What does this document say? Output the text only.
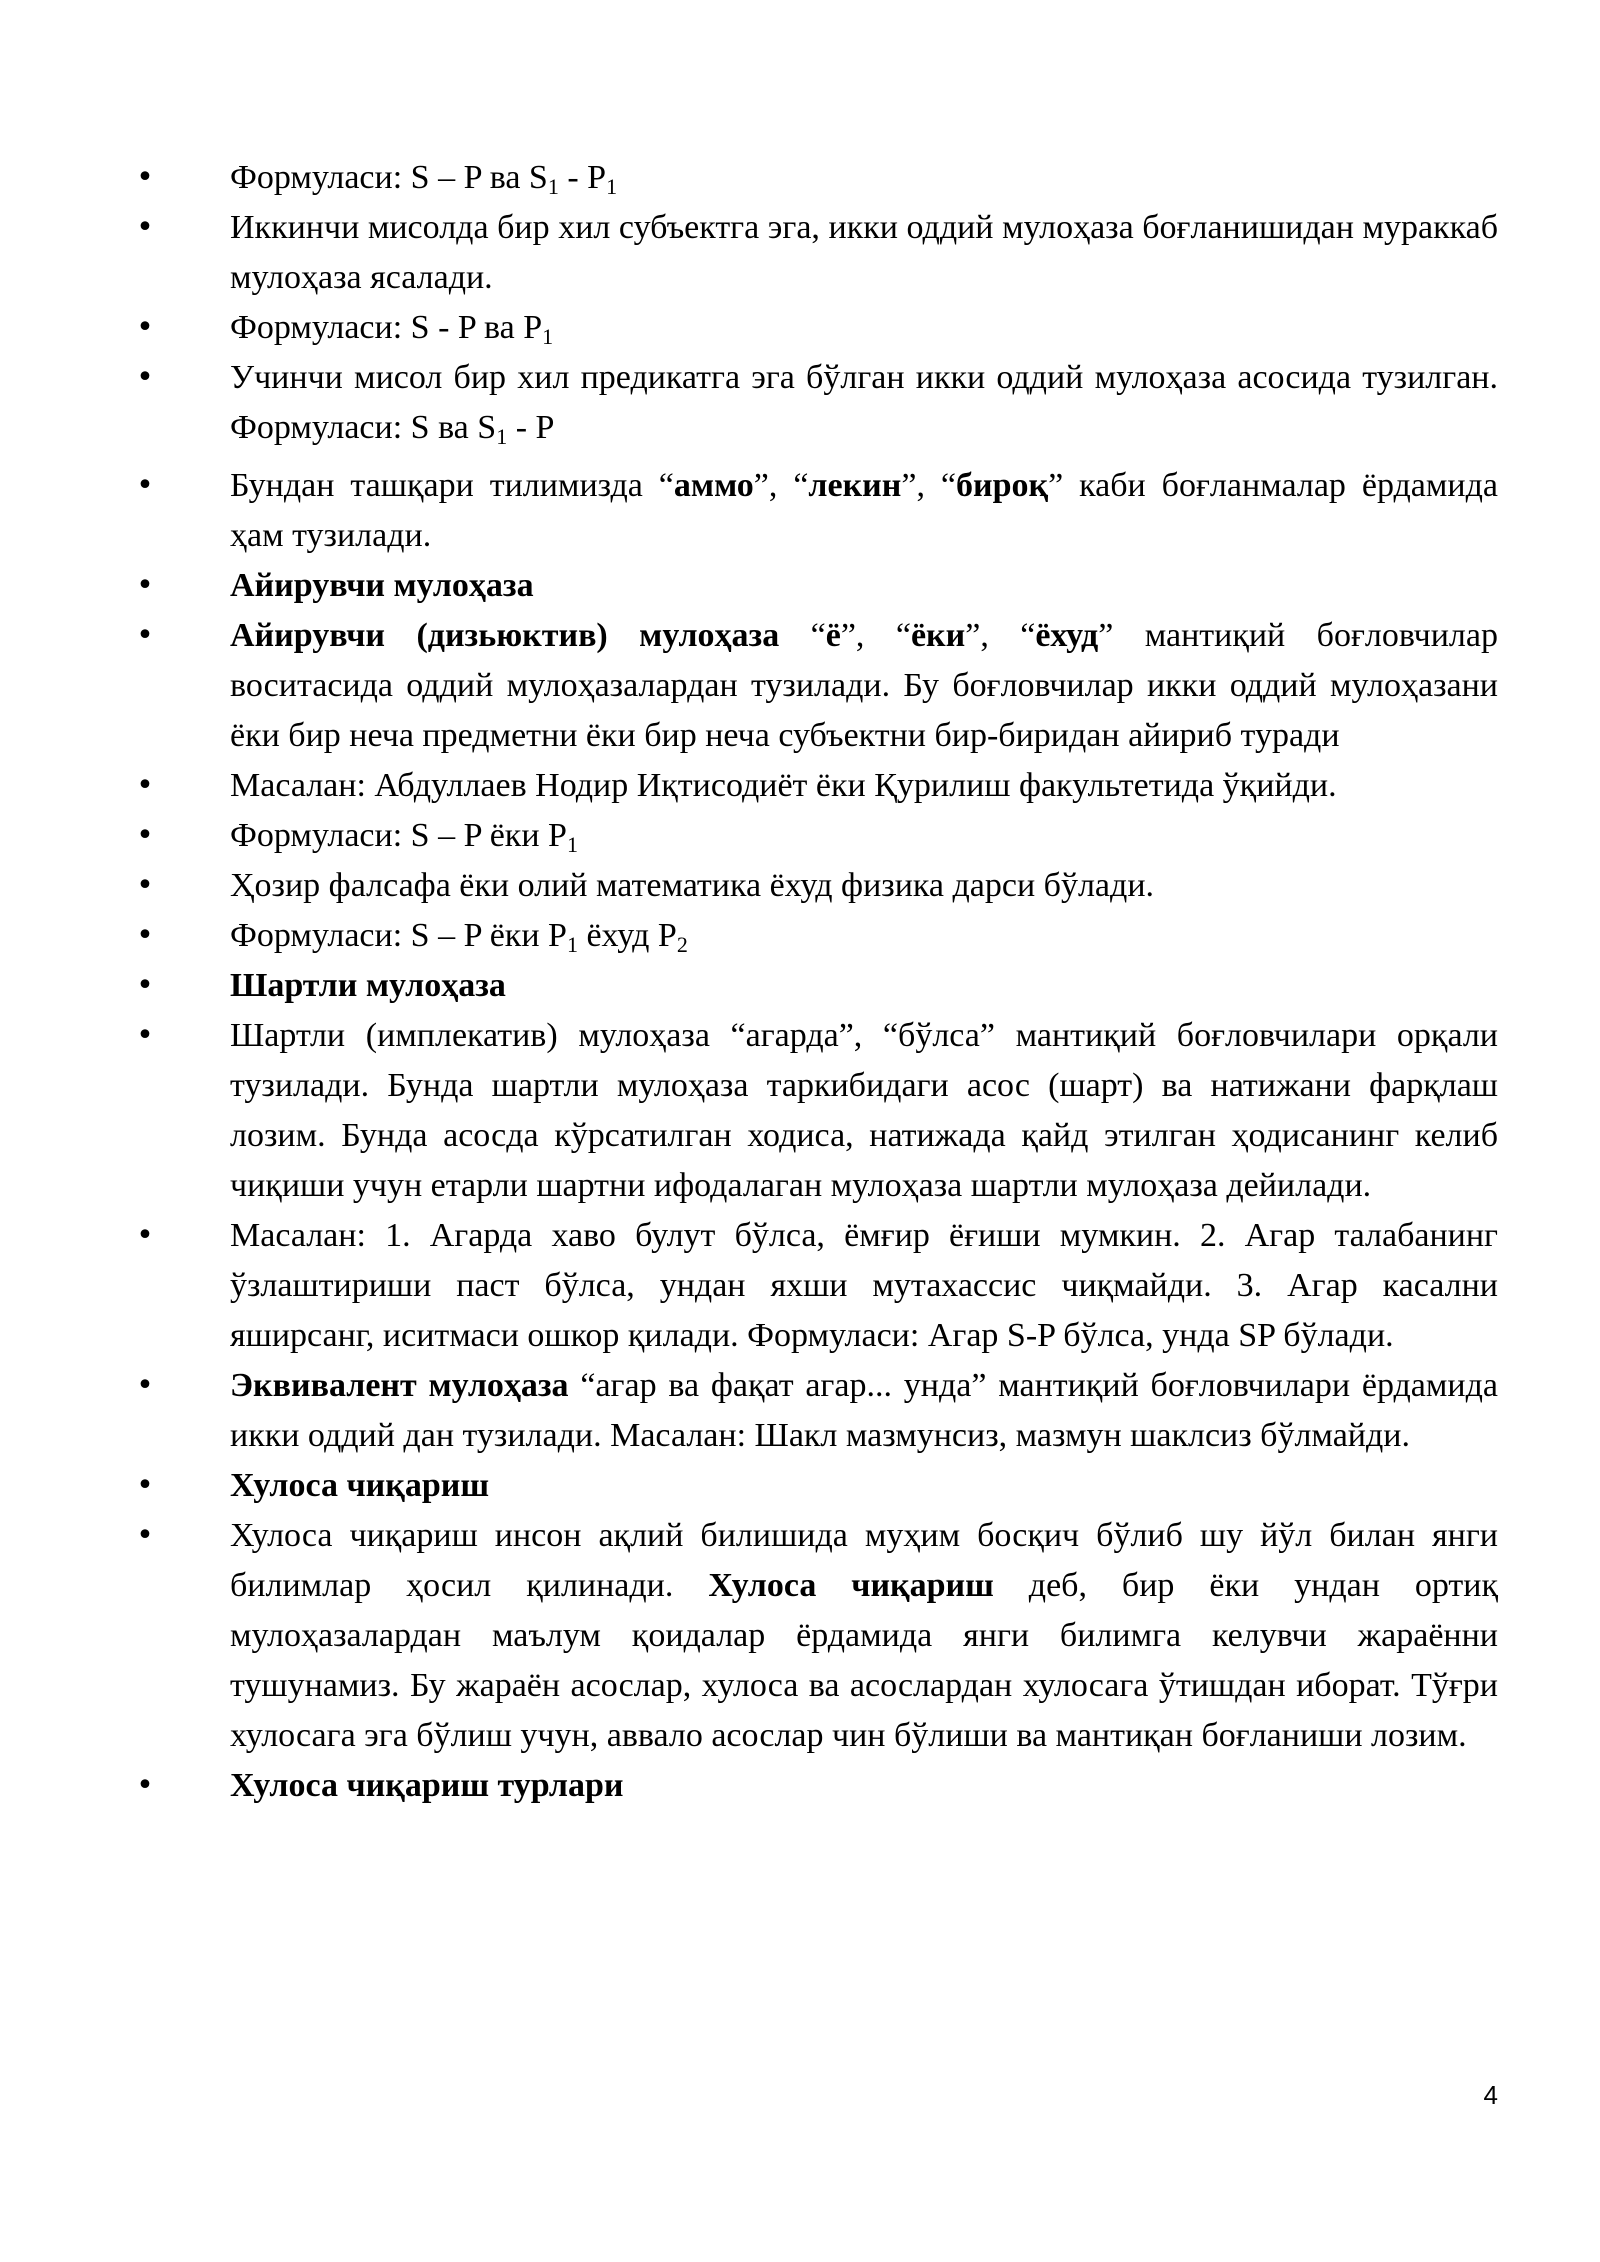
• Формуласи: S – P ва $S_1 - P_1$
• Иккинчи мисолда бир хил субъектга эга, икки оддий мулоҳаза боғланишидан мураккаб мулоҳаза ясалади.
• Формуласи: S - P ва $P_1$
• Учинчи мисол бир хил предикатга эга бўлган икки оддий мулоҳаза асосида тузилган. Формуласи: S ва $S_1$ - P
• Бундан ташқари тилимизда “аммо”, “лекин”, “бироқ” каби боғланмалар ёрдамида ҳам тузилади.
• Айирувчи мулоҳаза
• Айирувчи (дизьюктив) мулоҳаза “ё”, “ёки”, “ёхуд” мантиқий боғловчилар воситасида оддий мулоҳазалардан тузилади. Бу боғловчилар икки оддий мулоҳазани ёки бир неча предметни ёки бир неча субъектни бир-биридан айириб туради
• Масалан: Абдуллаев Нодир Иқтисодиёт ёки Қурилиш факультетида ўқийди.
• Формуласи: S – P ёки $P_1$
• Ҳозир фалсафа ёки олий математика ёхуд физика дарси бўлади.
• Формуласи: S – P ёки $P_1$ ёхуд $P_2$
• Шартли мулоҳаза
• Шартли (имплекатив) мулоҳаза “агарда”, “бўлса” мантиқий боғловчилари орқали тузилади. Бунда шартли мулоҳаза таркибидаги асос (шарт) ва натижани фарқлаш лозим. Бунда асосда кўрсатилган ходиса, натижада қайд этилган ҳодисанинг келиб чиқиши учун етарли шартни ифодалаган мулоҳаза шартли мулоҳаза дейилади.
• Масалан: 1. Агарда хаво булут бўлса, ёмғир ёғиши мумкин. 2. Агар талабанинг ўзлаштириши паст бўлса, ундан яхши мутахассис чиқмайди. 3. Агар касални яширсанг, иситмаси ошкор қилади. Формуласи: Агар S-P бўлса, унда SP бўлади.
• Эквивалент мулоҳаза “агар ва фақат агар... унда” мантиқий боғловчилари ёрдамида икки оддий дан тузилади. Масалан: Шакл мазмунсиз, мазмун шаклсиз бўлмайди.
• Хулоса чиқариш
• Хулоса чиқариш инсон ақлий билишида муҳим босқич бўлиб шу йўл билан янги билимлар ҳосил қилинади. Хулоса чиқариш деб, бир ёки ундан ортиқ мулоҳазалардан маълум қоидалар ёрдамида янги билимга келувчи жараённи тушунамиз. Бу жараён асослар, хулоса ва асослардан хулосага ўтишдан иборат. Тўғри хулосага эга бўлиш учун, аввало асослар чин бўлиши ва мантиқан боғланиши лозим.
• Хулоса чиқариш турлари
4
